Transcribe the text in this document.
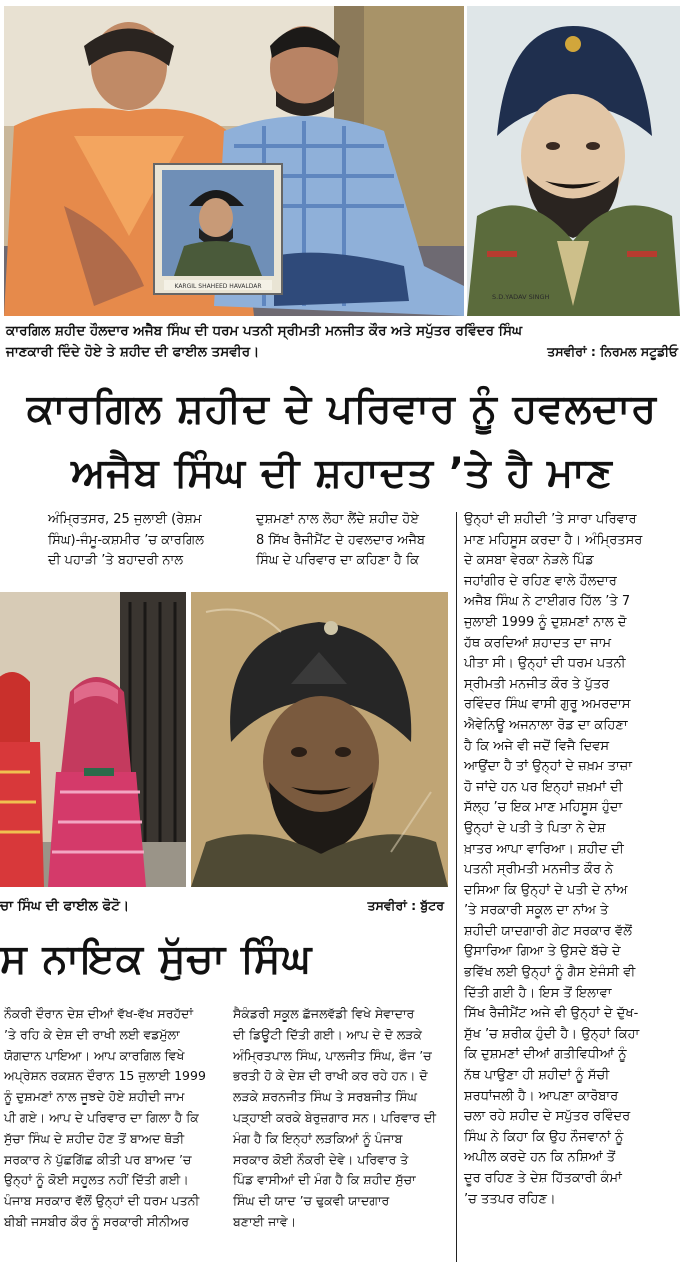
KARGIL SHAHEED HAVALDAR
S.D.YADAV SINGH
ਕਾਰਗਿਲ ਸ਼ਹੀਦ ਹੌਲਦਾਰ ਅਜੈਬ ਸਿੰਘ ਦੀ ਧਰਮ ਪਤਨੀ ਸ੍ਰੀਮਤੀ ਮਨਜੀਤ ਕੌਰ ਅਤੇ ਸਪੁੱਤਰ ਰਵਿੰਦਰ ਸਿੰਘ
ਜਾਣਕਾਰੀ ਦਿੰਦੇ ਹੋਏ ਤੇ ਸ਼ਹੀਦ ਦੀ ਫਾਈਲ ਤਸਵੀਰ।	ਤਸਵੀਰਾਂ : ਨਿਰਮਲ ਸਟੂਡੀਓ
ਕਾਰਗਿਲ ਸ਼ਹੀਦ ਦੇ ਪਰਿਵਾਰ ਨੂੰ ਹਵਲਦਾਰ
ਅਜੈਬ ਸਿੰਘ ਦੀ ਸ਼ਹਾਦਤ ’ਤੇ ਹੈ ਮਾਣ

ਅੰਮ੍ਰਿਤਸਰ, 25 ਜੁਲਾਈ (ਰੇਸ਼ਮ

ਸਿੰਘ)-ਜੰਮੂ-ਕਸ਼ਮੀਰ ’ਚ ਕਾਰਗਿਲ

ਦੀ ਪਹਾੜੀ ’ਤੇ ਬਹਾਦਰੀ ਨਾਲ

ਦੁਸ਼ਮਣਾਂ ਨਾਲ ਲੋਹਾ ਲੈਂਦੇ ਸ਼ਹੀਦ ਹੋਏ

8 ਸਿੱਖ ਰੈਜੀਮੈਂਟ ਦੇ ਹਵਲਦਾਰ ਅਜੈਬ

ਸਿੰਘ ਦੇ ਪਰਿਵਾਰ ਦਾ ਕਹਿਣਾ ਹੈ ਕਿ

ਉਨ੍ਹਾਂ ਦੀ ਸ਼ਹੀਦੀ ’ਤੇ ਸਾਰਾ ਪਰਿਵਾਰ

ਮਾਣ ਮਹਿਸੂਸ ਕਰਦਾ ਹੈ। ਅੰਮ੍ਰਿਤਸਰ

ਦੇ ਕਸਬਾ ਵੇਰਕਾ ਨੇੜਲੇ ਪਿੰਡ

ਜਹਾਂਗੀਰ ਦੇ ਰਹਿਣ ਵਾਲੇ ਹੌਲਦਾਰ

ਅਜੈਬ ਸਿੰਘ ਨੇ ਟਾਈਗਰ ਹਿੱਲ ’ਤੇ 7

ਜੁਲਾਈ 1999 ਨੂੰ ਦੁਸ਼ਮਣਾਂ ਨਾਲ ਦੋ

ਹੱਥ ਕਰਦਿਆਂ ਸ਼ਹਾਦਤ ਦਾ ਜਾਮ

ਪੀਤਾ ਸੀ। ਉਨ੍ਹਾਂ ਦੀ ਧਰਮ ਪਤਨੀ

ਸ੍ਰੀਮਤੀ ਮਨਜੀਤ ਕੌਰ ਤੇ ਪੁੱਤਰ

ਰਵਿੰਦਰ ਸਿੰਘ ਵਾਸੀ ਗੁਰੂ ਅਮਰਦਾਸ

ਐਵੇਨਿਊ ਅਜਨਾਲਾ ਰੋਡ ਦਾ ਕਹਿਣਾ

ਹੈ ਕਿ ਅਜੇ ਵੀ ਜਦੋਂ ਵਿਜੈ ਦਿਵਸ

ਆਉਂਦਾ ਹੈ ਤਾਂ ਉਨ੍ਹਾਂ ਦੇ ਜ਼ਖ਼ਮ ਤਾਜ਼ਾ

ਹੋ ਜਾਂਦੇ ਹਨ ਪਰ ਇਨ੍ਹਾਂ ਜ਼ਖ਼ਮਾਂ ਦੀ

ਸੱਲ੍ਹ ’ਚ ਇਕ ਮਾਣ ਮਹਿਸੂਸ ਹੁੰਦਾ

ਉਨ੍ਹਾਂ ਦੇ ਪਤੀ ਤੇ ਪਿਤਾ ਨੇ ਦੇਸ਼

ਖ਼ਾਤਰ ਆਪਾ ਵਾਰਿਆ। ਸ਼ਹੀਦ ਦੀ

ਪਤਨੀ ਸ੍ਰੀਮਤੀ ਮਨਜੀਤ ਕੌਰ ਨੇ

ਦਸਿਆ ਕਿ ਉਨ੍ਹਾਂ ਦੇ ਪਤੀ ਦੇ ਨਾਂਅ

’ਤੇ ਸਰਕਾਰੀ ਸਕੂਲ ਦਾ ਨਾਂਅ ਤੇ

ਸ਼ਹੀਦੀ ਯਾਦਗਾਰੀ ਗੇਟ ਸਰਕਾਰ ਵੱਲੋਂ

ਉਸਾਰਿਆ ਗਿਆ ਤੇ ਉਸਦੇ ਬੱਚੇ ਦੇ

ਭਵਿੱਖ ਲਈ ਉਨ੍ਹਾਂ ਨੂੰ ਗੈਸ ਏਜੰਸੀ ਵੀ

ਦਿੱਤੀ ਗਈ ਹੈ। ਇਸ ਤੋਂ ਇਲਾਵਾ

ਸਿੱਖ ਰੈਜੀਮੈਂਟ ਅਜੇ ਵੀ ਉਨ੍ਹਾਂ ਦੇ ਦੁੱਖ-

ਸੁੱਖ ’ਚ ਸ਼ਰੀਕ ਹੁੰਦੀ ਹੈ। ਉਨ੍ਹਾਂ ਕਿਹਾ

ਕਿ ਦੁਸ਼ਮਣਾਂ ਦੀਆਂ ਗਤੀਵਿਧੀਆਂ ਨੂੰ

ਨੱਥ ਪਾਉਣਾ ਹੀ ਸ਼ਹੀਦਾਂ ਨੂੰ ਸੱਚੀ

ਸ਼ਰਧਾਂਜਲੀ ਹੈ। ਆਪਣਾ ਕਾਰੋਬਾਰ

ਚਲਾ ਰਹੇ ਸ਼ਹੀਦ ਦੇ ਸਪੁੱਤਰ ਰਵਿੰਦਰ

ਸਿੰਘ ਨੇ ਕਿਹਾ ਕਿ ਉਹ ਨੌਜਵਾਨਾਂ ਨੂੰ

ਅਪੀਲ ਕਰਦੇ ਹਨ ਕਿ ਨਸ਼ਿਆਂ ਤੋਂ

ਦੂਰ ਰਹਿਣ ਤੇ ਦੇਸ਼ ਹਿੱਤਕਾਰੀ ਕੰਮਾਂ

’ਚ ਤਤਪਰ ਰਹਿਣ।

ਚਾ ਸਿੰਘ ਦੀ ਫਾਈਲ ਫੋਟੋ।	ਤਸਵੀਰਾਂ : ਬੁੱਟਰ
ਸ ਨਾਇਕ ਸੁੱਚਾ ਸਿੰਘ

ਨੌਕਰੀ ਦੌਰਾਨ ਦੇਸ਼ ਦੀਆਂ ਵੱਖ-ਵੱਖ ਸਰਹੱਦਾਂ

’ਤੇ ਰਹਿ ਕੇ ਦੇਸ਼ ਦੀ ਰਾਖੀ ਲਈ ਵਡਮੁੱਲਾ

ਯੋਗਦਾਨ ਪਾਇਆ। ਆਪ ਕਾਰਗਿਲ ਵਿਖੇ

ਅਪ੍ਰੇਸ਼ਨ ਰਕਸ਼ਨ ਦੌਰਾਨ 15 ਜੁਲਾਈ 1999

ਨੂੰ ਦੁਸ਼ਮਣਾਂ ਨਾਲ ਜੂਝਦੇ ਹੋਏ ਸ਼ਹੀਦੀ ਜਾਮ

ਪੀ ਗਏ। ਆਪ ਦੇ ਪਰਿਵਾਰ ਦਾ ਗਿਲਾ ਹੈ ਕਿ

ਸੁੱਚਾ ਸਿੰਘ ਦੇ ਸ਼ਹੀਦ ਹੋਣ ਤੋਂ ਬਾਅਦ ਥੋੜੀ

ਸਰਕਾਰ ਨੇ ਪੁੱਛਗਿੱਛ ਕੀਤੀ ਪਰ ਬਾਅਦ ’ਚ

ਉਨ੍ਹਾਂ ਨੂੰ ਕੋਈ ਸਹੂਲਤ ਨਹੀਂ ਦਿੱਤੀ ਗਈ।

ਪੰਜਾਬ ਸਰਕਾਰ ਵੱਲੋਂ ਉਨ੍ਹਾਂ ਦੀ ਧਰਮ ਪਤਨੀ

ਬੀਬੀ ਜਸਬੀਰ ਕੌਰ ਨੂੰ ਸਰਕਾਰੀ ਸੀਨੀਅਰ

ਸੈਕੰਡਰੀ ਸਕੂਲ ਛੱਜਲਵੱਡੀ ਵਿਖੇ ਸੇਵਾਦਾਰ

ਦੀ ਡਿਊਟੀ ਦਿੱਤੀ ਗਈ। ਆਪ ਦੇ ਦੋ ਲੜਕੇ

ਅੰਮ੍ਰਿਤਪਾਲ ਸਿੰਘ, ਪਾਲਜੀਤ ਸਿੰਘ, ਫੌਜ ’ਚ

ਭਰਤੀ ਹੋ ਕੇ ਦੇਸ਼ ਦੀ ਰਾਖੀ ਕਰ ਰਹੇ ਹਨ। ਦੋ

ਲੜਕੇ ਸ਼ਰਨਜੀਤ ਸਿੰਘ ਤੇ ਸਰਬਜੀਤ ਸਿੰਘ

ਪੜ੍ਹਾਈ ਕਰਕੇ ਬੇਰੁਜ਼ਗਾਰ ਸਨ। ਪਰਿਵਾਰ ਦੀ

ਮੰਗ ਹੈ ਕਿ ਇਨ੍ਹਾਂ ਲੜਕਿਆਂ ਨੂੰ ਪੰਜਾਬ

ਸਰਕਾਰ ਕੋਈ ਨੌਕਰੀ ਦੇਵੇ। ਪਰਿਵਾਰ ਤੇ

ਪਿੰਡ ਵਾਸੀਆਂ ਦੀ ਮੰਗ ਹੈ ਕਿ ਸ਼ਹੀਦ ਸੁੱਚਾ

ਸਿੰਘ ਦੀ ਯਾਦ ’ਚ ਢੁਕਵੀ ਯਾਦਗਾਰ

ਬਣਾਈ ਜਾਵੇ।
